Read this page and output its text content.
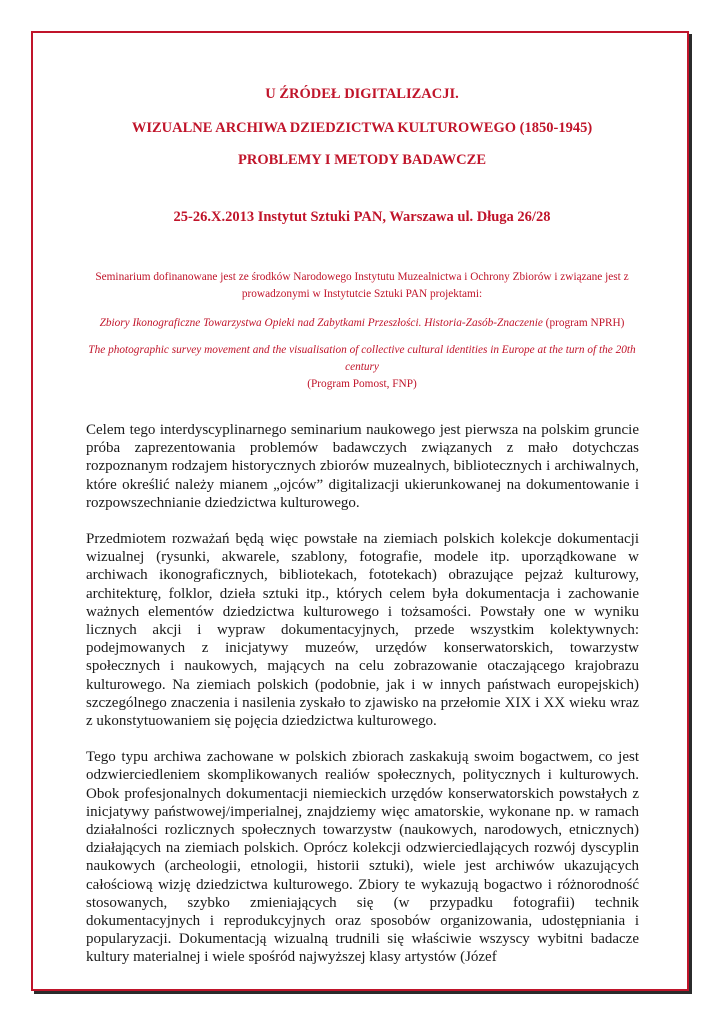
U ŹRÓDEŁ DIGITALIZACJI.
WIZUALNE ARCHIWA DZIEDZICTWA KULTUROWEGO (1850-1945)
PROBLEMY I METODY BADAWCZE
25-26.X.2013 Instytut Sztuki PAN, Warszawa ul. Długa 26/28

Seminarium dofinanowane jest ze środków Narodowego Instytutu Muzealnictwa i Ochrony Zbiorów i związane jest z prowadzonymi w Instytutcie Sztuki PAN projektami:

Zbiory Ikonograficzne Towarzystwa Opieki nad Zabytkami Przeszłości. Historia-Zasób-Znaczenie (program NPRH)

The photographic survey movement and the visualisation of collective cultural identities in Europe at the turn of the 20th century
(Program Pomost, FNP)

Celem tego interdyscyplinarnego seminarium naukowego jest pierwsza na polskim gruncie próba zaprezentowania problemów badawczych związanych z mało dotychczas rozpoznanym rodzajem historycznych zbiorów muzealnych, bibliotecznych i archiwalnych, które określić należy mianem „ojców” digitalizacji ukierunkowanej na dokumentowanie i rozpowszechnianie dziedzictwa kulturowego.

Przedmiotem rozważań będą więc powstałe na ziemiach polskich kolekcje dokumentacji wizualnej (rysunki, akwarele, szablony, fotografie, modele itp. uporządkowane w archiwach ikonograficznych, bibliotekach, fototekach) obrazujące pejzaż kulturowy, architekturę, folklor, dzieła sztuki itp., których celem była dokumentacja i zachowanie ważnych elementów dziedzictwa kulturowego i tożsamości. Powstały one w wyniku licznych akcji i wypraw dokumentacyjnych, przede wszystkim kolektywnych: podejmowanych z inicjatywy muzeów, urzędów konserwatorskich, towarzystw społecznych i naukowych, mających na celu zobrazowanie otaczającego krajobrazu kulturowego. Na ziemiach polskich (podobnie, jak i w innych państwach europejskich) szczególnego znaczenia i nasilenia zyskało to zjawisko na przełomie XIX i XX wieku wraz z ukonstytuowaniem się pojęcia dziedzictwa kulturowego.

Tego typu archiwa zachowane w polskich zbiorach zaskakują swoim bogactwem, co jest odzwierciedleniem skomplikowanych realiów społecznych, politycznych i kulturowych. Obok profesjonalnych dokumentacji niemieckich urzędów konserwatorskich powstałych z inicjatywy państwowej/imperialnej, znajdziemy więc amatorskie, wykonane np. w ramach działalności rozlicznych społecznych towarzystw (naukowych, narodowych, etnicznych) działających na ziemiach polskich. Oprócz kolekcji odzwierciedlających rozwój dyscyplin naukowych (archeologii, etnologii, historii sztuki), wiele jest archiwów ukazujących całościową wizję dziedzictwa kulturowego. Zbiory te wykazują bogactwo i różnorodność stosowanych, szybko zmieniających się (w przypadku fotografii) technik dokumentacyjnych i reprodukcyjnych oraz sposobów organizowania, udostępniania i popularyzacji. Dokumentacją wizualną trudnili się właściwie wszyscy wybitni badacze kultury materialnej i wiele spośród najwyższej klasy artystów (Józef
